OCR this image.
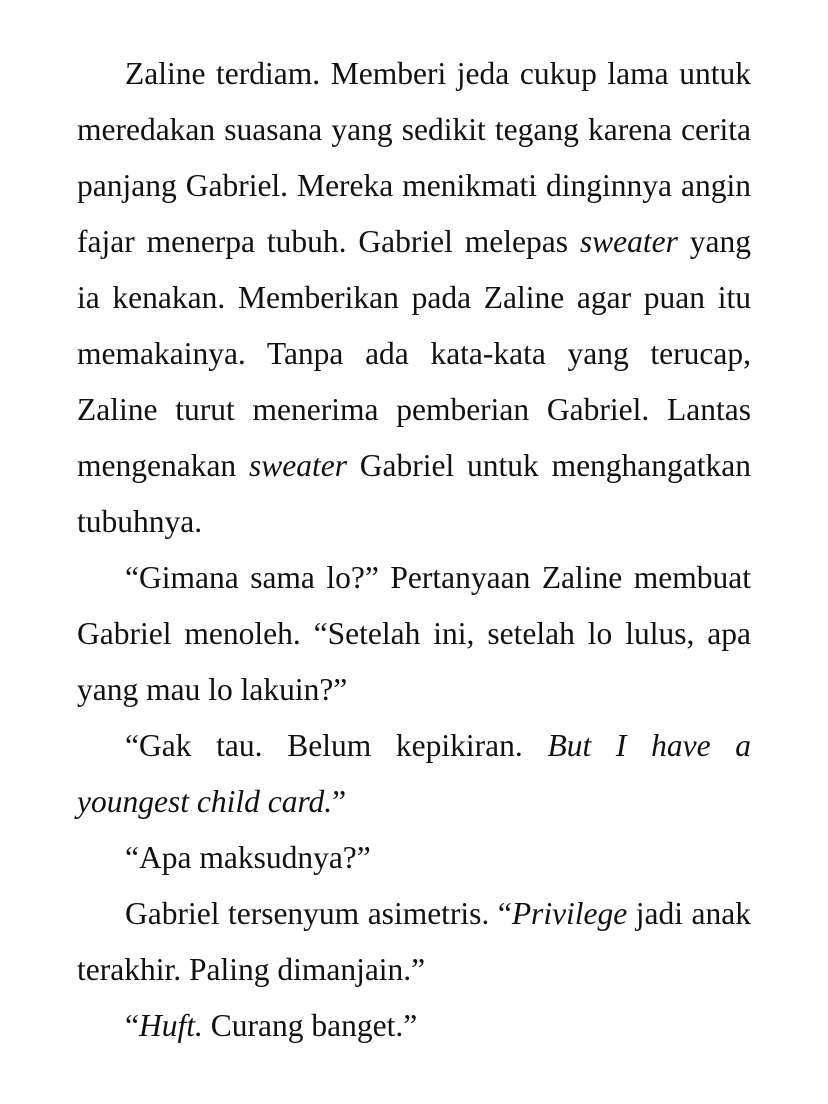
Zaline terdiam. Memberi jeda cukup lama untuk meredakan suasana yang sedikit tegang karena cerita panjang Gabriel. Mereka menikmati dinginnya angin fajar menerpa tubuh. Gabriel melepas sweater yang ia kenakan. Memberikan pada Zaline agar puan itu memakainya. Tanpa ada kata-kata yang terucap, Zaline turut menerima pemberian Gabriel. Lantas mengenakan sweater Gabriel untuk menghangatkan tubuhnya.

“Gimana sama lo?” Pertanyaan Zaline membuat Gabriel menoleh. “Setelah ini, setelah lo lulus, apa yang mau lo lakuin?”

“Gak tau. Belum kepikiran. But I have a youngest child card.”

“Apa maksudnya?”

Gabriel tersenyum asimetris. “Privilege jadi anak terakhir. Paling dimanjain.”

“Huft. Curang banget.”
